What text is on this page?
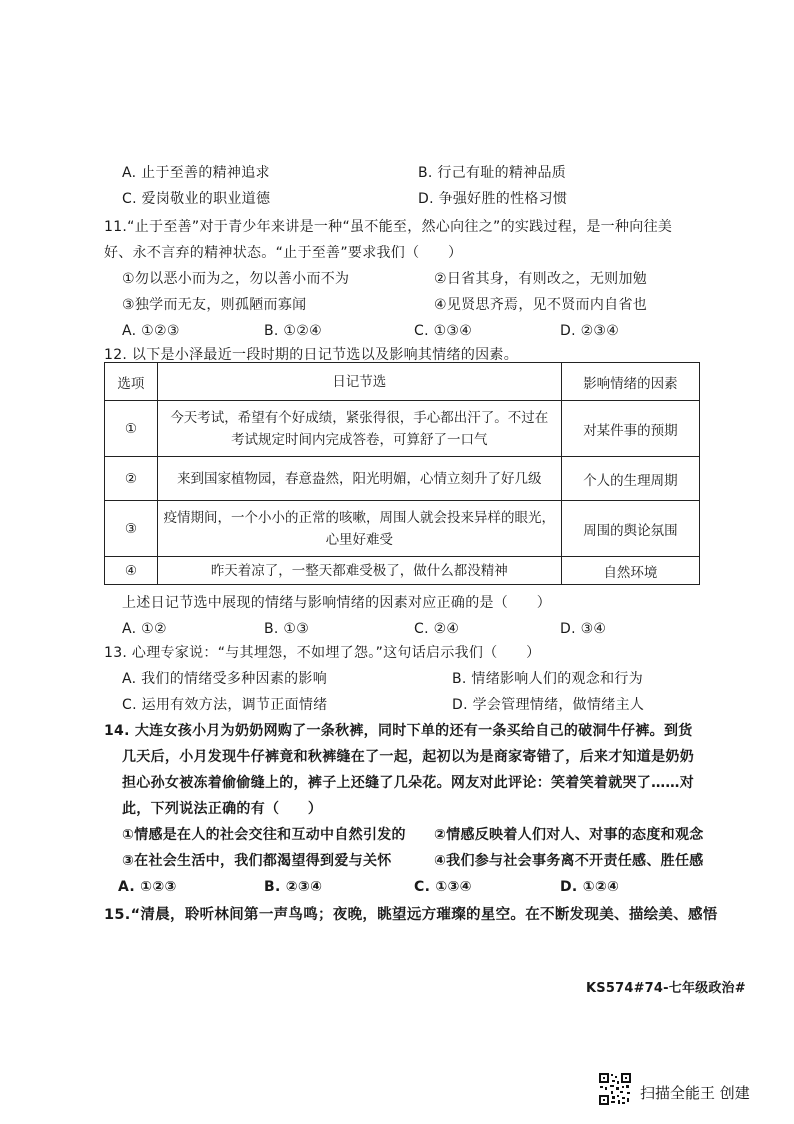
A. 止于至善的精神追求	B. 行己有耻的精神品质
C. 爱岗敬业的职业道德	D. 争强好胜的性格习惯
11.“止于至善”对于青少年来讲是一种“虽不能至，然心向往之”的实践过程，是一种向往美
好、永不言弃的精神状态。“止于至善”要求我们（　　）
①勿以恶小而为之，勿以善小而不为	②日省其身，有则改之，无则加勉
③独学而无友，则孤陋而寡闻	④见贤思齐焉，见不贤而内自省也
A. ①②③	B. ①②④	C. ①③④	D. ②③④
12. 以下是小泽最近一段时期的日记节选以及影响其情绪的因素。
选项	日记节选	影响情绪的因素
①	今天考试，希望有个好成绩，紧张得很，手心都出汗了。不过在
考试规定时间内完成答卷，可算舒了一口气	对某件事的预期
②	来到国家植物园，春意盎然，阳光明媚，心情立刻升了好几级	个人的生理周期
③	疫情期间，一个小小的正常的咳嗽，周围人就会投来异样的眼光，
心里好难受	周围的舆论氛围
④	昨天着凉了，一整天都难受极了，做什么都没精神	自然环境
上述日记节选中展现的情绪与影响情绪的因素对应正确的是（　　）
A. ①②	B. ①③	C. ②④	D. ③④
13. 心理专家说：“与其埋怨，不如埋了怨。”这句话启示我们（　　）
A. 我们的情绪受多种因素的影响	B. 情绪影响人们的观念和行为
C. 运用有效方法，调节正面情绪	D. 学会管理情绪，做情绪主人
14. 大连女孩小月为奶奶网购了一条秋裤，同时下单的还有一条买给自己的破洞牛仔裤。到货
几天后，小月发现牛仔裤竟和秋裤缝在了一起，起初以为是商家寄错了，后来才知道是奶奶
担心孙女被冻着偷偷缝上的，裤子上还缝了几朵花。网友对此评论：笑着笑着就哭了……对
此，下列说法正确的有（　　）
①情感是在人的社会交往和互动中自然引发的 ②情感反映着人们对人、对事的态度和观念
③在社会生活中，我们都渴望得到爱与关怀	④我们参与社会事务离不开责任感、胜任感
A. ①②③	B. ②③④	C. ①③④	D. ①②④
15.“清晨，聆听林间第一声鸟鸣；夜晚，眺望远方璀璨的星空。在不断发现美、描绘美、感悟
KS574#74-七年级政治#
扫描全能王 创建
